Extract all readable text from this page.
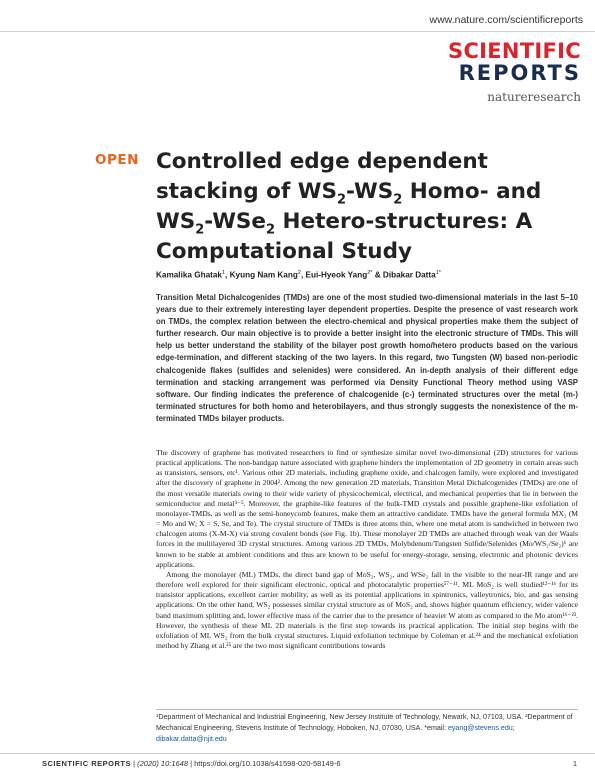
www.nature.com/scientificreports
SCIENTIFIC
REPORTS
natureresearch
OPEN Controlled edge dependent
stacking of $WS_2-WS_2$ Homo- and
$WS_2-WSe_2$ Hetero-structures: A
Computational Study
Kamalika Ghatak$^1$, Kyung Nam Kang$^2$, Eui-Hyeok Yang$^{2*}$ & Dibakar Datta$^{1*}$

Transition Metal Dichalcogenides (TMDs) are one of the most studied two-dimensional materials in the last 5–10 years due to their extremely interesting layer dependent properties. Despite the presence of vast research work on TMDs, the complex relation between the electro-chemical and physical properties make them the subject of further research. Our main objective is to provide a better insight into the electronic structure of TMDs. This will help us better understand the stability of the bilayer post growth homo/hetero products based on the various edge-termination, and different stacking of the two layers. In this regard, two Tungsten (W) based non-periodic chalcogenide flakes (sulfides and selenides) were considered. An in-depth analysis of their different edge termination and stacking arrangement was performed via Density Functional Theory method using VASP software. Our finding indicates the preference of chalcogenide (c-) terminated structures over the metal (m-) terminated structures for both homo and heterobilayers, and thus strongly suggests the nonexistence of the m-terminated TMDs bilayer products.

The discovery of graphene has motivated researchers to find or synthesize similar novel two-dimensional (2D) structures for various practical applications. The non-bandgap nature associated with graphene hinders the implementation of 2D geometry in certain areas such as transistors, sensors, etc¹. Various other 2D materials, including graphene oxide, and chalcogen family, were explored and investigated after the discovery of graphene in 2004². Among the new generation 2D materials, Transition Metal Dichalcogenides (TMDs) are one of the most versatile materials owing to their wide variety of physicochemical, electrical, and mechanical properties that lie in between the semiconductor and metal³⁻⁵. Moreover, the graphite-like features of the bulk-TMD crystals and possible graphene-like exfoliation of monolayer-TMDs, as well as the semi-honeycomb features, make them an attractive candidate. TMDs have the general formula MX₂ (M = Mo and W; X = S, Se, and Te). The crystal structure of TMDs is three atoms thin, where one metal atom is sandwiched in between two chalcogen atoms (X-M-X) via strong covalent bonds (see Fig. 1b). These monolayer 2D TMDs are attached through weak van der Waals forces in the multilayered 3D crystal structures. Among various 2D TMDs, Molybdenum/Tungsten Sulfide/Selenides (Mo/WS₂/Se₂)⁶ are known to be stable at ambient conditions and thus are known to be useful for energy-storage, sensing, electronic and photonic devices applications.

Among the monolayer (ML) TMDs, the direct band gap of MoS₂, WS₂, and WSe₂ fall in the visible to the near-IR range and are therefore well explored for their significant electronic, optical and photocatalytic properties⁵⁷⁻¹¹. ML MoS₂ is well studied¹²⁻¹⁶ for its transistor applications, excellent carrier mobility, as well as its potential applications in spintronics, valleytronics, bio, and gas sensing applications. On the other hand, WS₂ possesses similar crystal structure as of MoS₂ and, shows higher quantum efficiency, wider valence band maximum splitting and, lower effective mass of the carrier due to the presence of heavier W atom as compared to the Mo atom¹⁶⁻²³. However, the synthesis of these ML 2D materials is the first step towards its practical application. The initial step begins with the exfoliation of ML WS₂ from the bulk crystal structures. Liquid exfoliation technique by Coleman et al.²⁴ and the mechanical exfoliation method by Zhang et al.²⁵ are the two most significant contributions towards

¹Department of Mechanical and Industrial Engineering, New Jersey Institute of Technology, Newark, NJ, 07103, USA. ²Department of Mechanical Engineering, Stevens Institute of Technology, Hoboken, NJ, 07030, USA. *email: eyang@stevens.edu; dibakar.datta@njit.edu

SCIENTIFIC REPORTS | (2020) 10:1648 | https://doi.org/10.1038/s41598-020-58149-6	1
